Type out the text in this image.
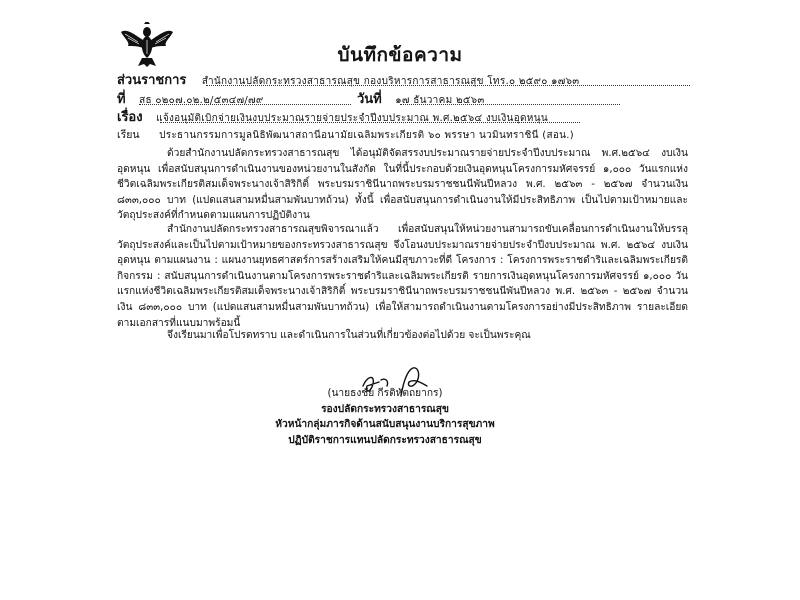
บันทึกข้อความ
ส่วนราชการ สำนักงานปลัดกระทรวงสาธารณสุข กองบริหารการสาธารณสุข โทร.๐ ๒๕๙๐ ๑๗๖๓
ที่ สธ ๐๒๐๗.๐๒.๒/๕๓๔๗/๗๙	วันที่ ๑๗ ธันวาคม ๒๕๖๓
เรื่อง แจ้งอนุมัติเบิกจ่ายเงินงบประมาณรายจ่ายประจำปีงบประมาณ พ.ศ.๒๕๖๔ งบเงินอุดหนุน
เรียน ประธานกรรมการมูลนิธิพัฒนาสถานีอนามัยเฉลิมพระเกียรติ ๖๐ พรรษา นวมินทราชินี (สอน.)
ด้วยสำนักงานปลัดกระทรวงสาธารณสุข ได้อนุมัติจัดสรรงบประมาณรายจ่ายประจำปีงบประมาณ พ.ศ.๒๕๖๔ งบเงินอุดหนุน เพื่อสนับสนุนการดำเนินงานของหน่วยงานในสังกัด ในที่นี้ประกอบด้วยเงินอุดหนุนโครงการมหัศจรรย์ ๑,๐๐๐ วันแรกแห่งชีวิตเฉลิมพระเกียรติสมเด็จพระนางเจ้าสิริกิติ์ พระบรมราชินีนาถพระบรมราชชนนีพันปีหลวง พ.ศ. ๒๕๖๓ - ๒๕๖๗ จำนวนเงิน ๘๓๓,๐๐๐ บาท (แปดแสนสามหมื่นสามพันบาทถ้วน) ทั้งนี้ เพื่อสนับสนุนการดำเนินงานให้มีประสิทธิภาพ เป็นไปตามเป้าหมายและวัตถุประสงค์ที่กำหนดตามแผนการปฏิบัติงาน
สำนักงานปลัดกระทรวงสาธารณสุขพิจารณาแล้ว เพื่อสนับสนุนให้หน่วยงานสามารถขับเคลื่อนการดำเนินงานให้บรรลุวัตถุประสงค์และเป็นไปตามเป้าหมายของกระทรวงสาธารณสุข จึงโอนงบประมาณรายจ่ายประจำปีงบประมาณ พ.ศ. ๒๕๖๔ งบเงินอุดหนุน ตามแผนงาน : แผนงานยุทธศาสตร์การสร้างเสริมให้คนมีสุขภาวะที่ดี โครงการ : โครงการพระราชดำริและเฉลิมพระเกียรติ กิจกรรม : สนับสนุนการดำเนินงานตามโครงการพระราชดำริและเฉลิมพระเกียรติ รายการเงินอุดหนุนโครงการมหัศจรรย์ ๑,๐๐๐ วันแรกแห่งชีวิตเฉลิมพระเกียรติสมเด็จพระนางเจ้าสิริกิติ์ พระบรมราชินีนาถพระบรมราชชนนีพันปีหลวง พ.ศ. ๒๕๖๓ - ๒๕๖๗ จำนวนเงิน ๘๓๓,๐๐๐ บาท (แปดแสนสามหมื่นสามพันบาทถ้วน) เพื่อให้สามารถดำเนินงานตามโครงการอย่างมีประสิทธิภาพ รายละเอียดตามเอกสารที่แนบมาพร้อมนี้
จึงเรียนมาเพื่อโปรดทราบ และดำเนินการในส่วนที่เกี่ยวข้องต่อไปด้วย จะเป็นพระคุณ
(นายธงชัย กีรติหัตถยากร)
รองปลัดกระทรวงสาธารณสุข
หัวหน้ากลุ่มภารกิจด้านสนับสนุนงานบริการสุขภาพ
ปฏิบัติราชการแทนปลัดกระทรวงสาธารณสุข
